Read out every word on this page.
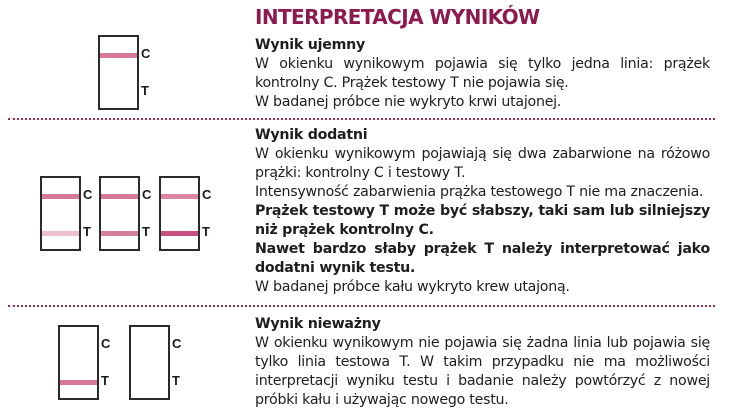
INTERPRETACJA WYNIKÓW
C
T
Wynik ujemny
W okienku wynikowym pojawia się tylko jedna linia: prążek kontrolny C. Prążek testowy T nie pojawia się.
W badanej próbce nie wykryto krwi utajonej.
C
T
C
T
C
T
Wynik dodatni
W okienku wynikowym pojawiają się dwa zabarwione na różowo prążki: kontrolny C i testowy T.
Intensywność zabarwienia prążka testowego T nie ma znaczenia.
Prążek testowy T może być słabszy, taki sam lub silniejszy niż prążek kontrolny C.
Nawet bardzo słaby prążek T należy interpretować jako dodatni wynik testu.
W badanej próbce kału wykryto krew utajoną.
C
T
C
T
Wynik nieważny
W okienku wynikowym nie pojawia się żadna linia lub pojawia się tylko linia testowa T. W takim przypadku nie ma możliwości interpretacji wyniku testu i badanie należy powtórzyć z nowej próbki kału i używając nowego testu.
